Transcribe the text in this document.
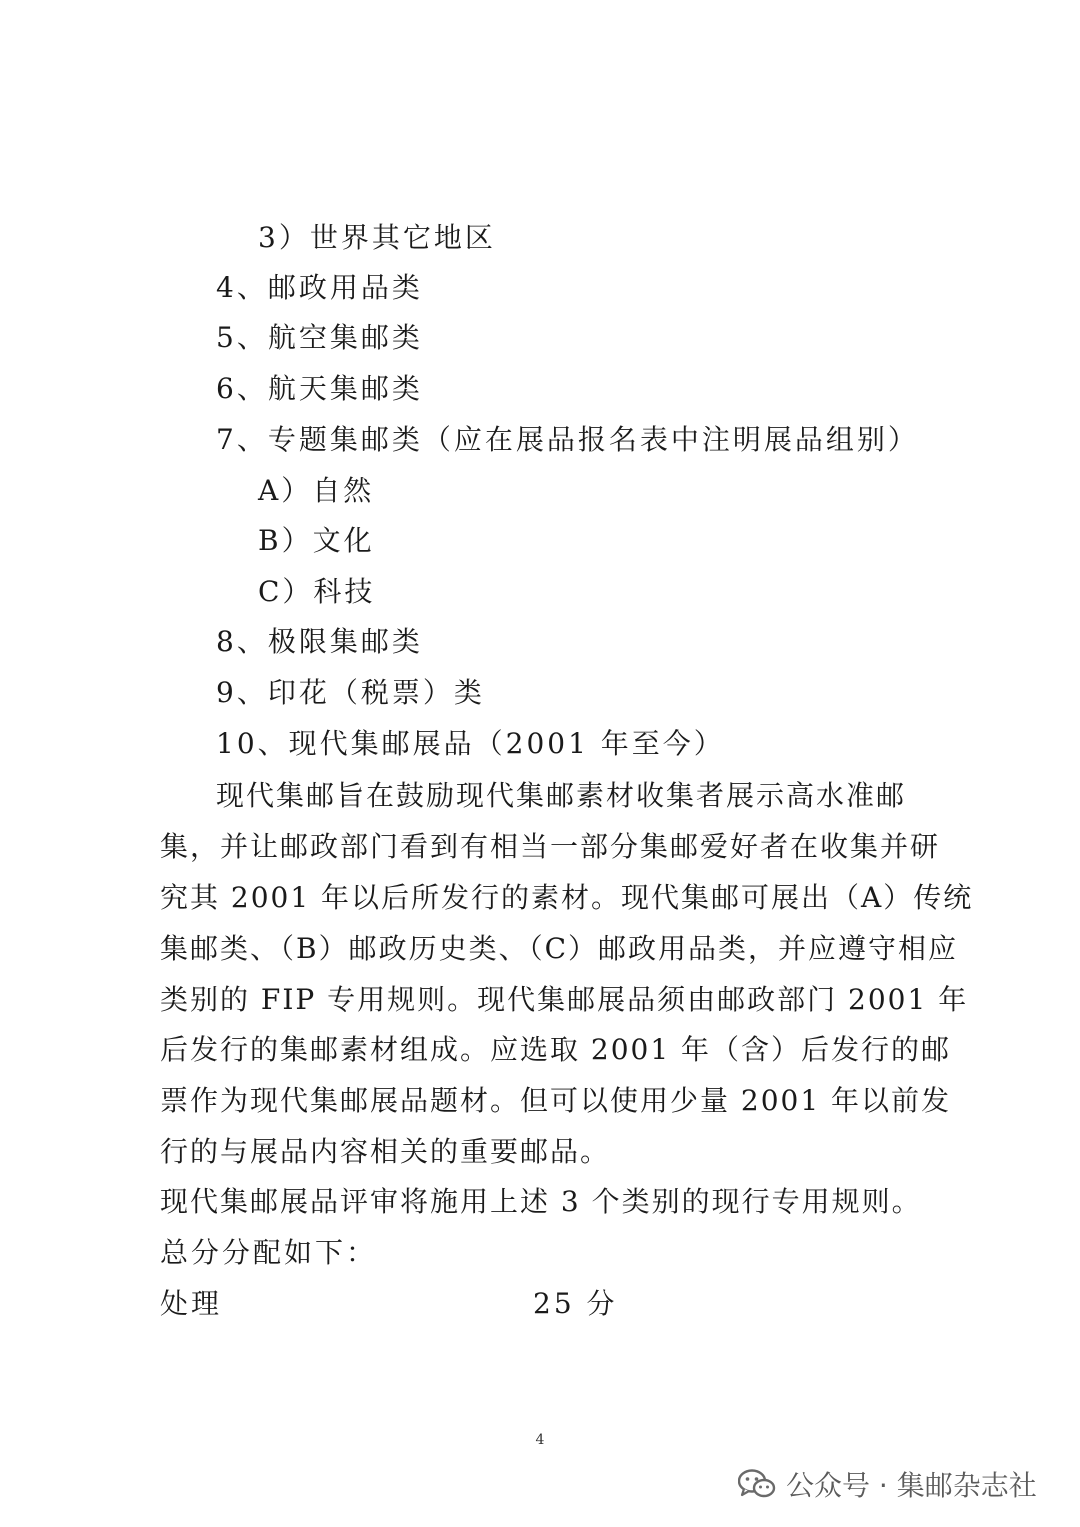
3）世界其它地区
4、邮政用品类
5、航空集邮类
6、航天集邮类
7、专题集邮类（应在展品报名表中注明展品组别）
A）自然
B）文化
C）科技
8、极限集邮类
9、印花（税票）类
10、现代集邮展品（2001 年至今）
现代集邮旨在鼓励现代集邮素材收集者展示高水准邮
集，并让邮政部门看到有相当一部分集邮爱好者在收集并研
究其 2001 年以后所发行的素材。现代集邮可展出（A）传统
集邮类、（B）邮政历史类、（C）邮政用品类，并应遵守相应
类别的 FIP 专用规则。现代集邮展品须由邮政部门 2001 年
后发行的集邮素材组成。应选取 2001 年（含）后发行的邮
票作为现代集邮展品题材。但可以使用少量 2001 年以前发
行的与展品内容相关的重要邮品。
现代集邮展品评审将施用上述 3 个类别的现行专用规则。
总分分配如下：
处理	25 分
4
公众号 · 集邮杂志社
